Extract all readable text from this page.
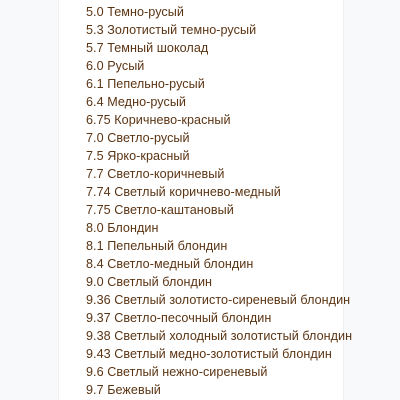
5.0 Темно-русый
5.3 Золотистый темно-русый
5.7 Темный шоколад
6.0 Русый
6.1 Пепельно-русый
6.4 Медно-русый
6.75 Коричнево-красный
7.0 Светло-русый
7.5 Ярко-красный
7.7 Светло-коричневый
7.74 Светлый коричнево-медный
7.75 Светло-каштановый
8.0 Блондин
8.1 Пепельный блондин
8.4 Светло-медный блондин
9.0 Светлый блондин
9.36 Светлый золотисто-сиреневый блондин
9.37 Светло-песочный блондин
9.38 Светлый холодный золотистый блондин
9.43 Светлый медно-золотистый блондин
9.6 Светлый нежно-сиреневый
9.7 Бежевый
